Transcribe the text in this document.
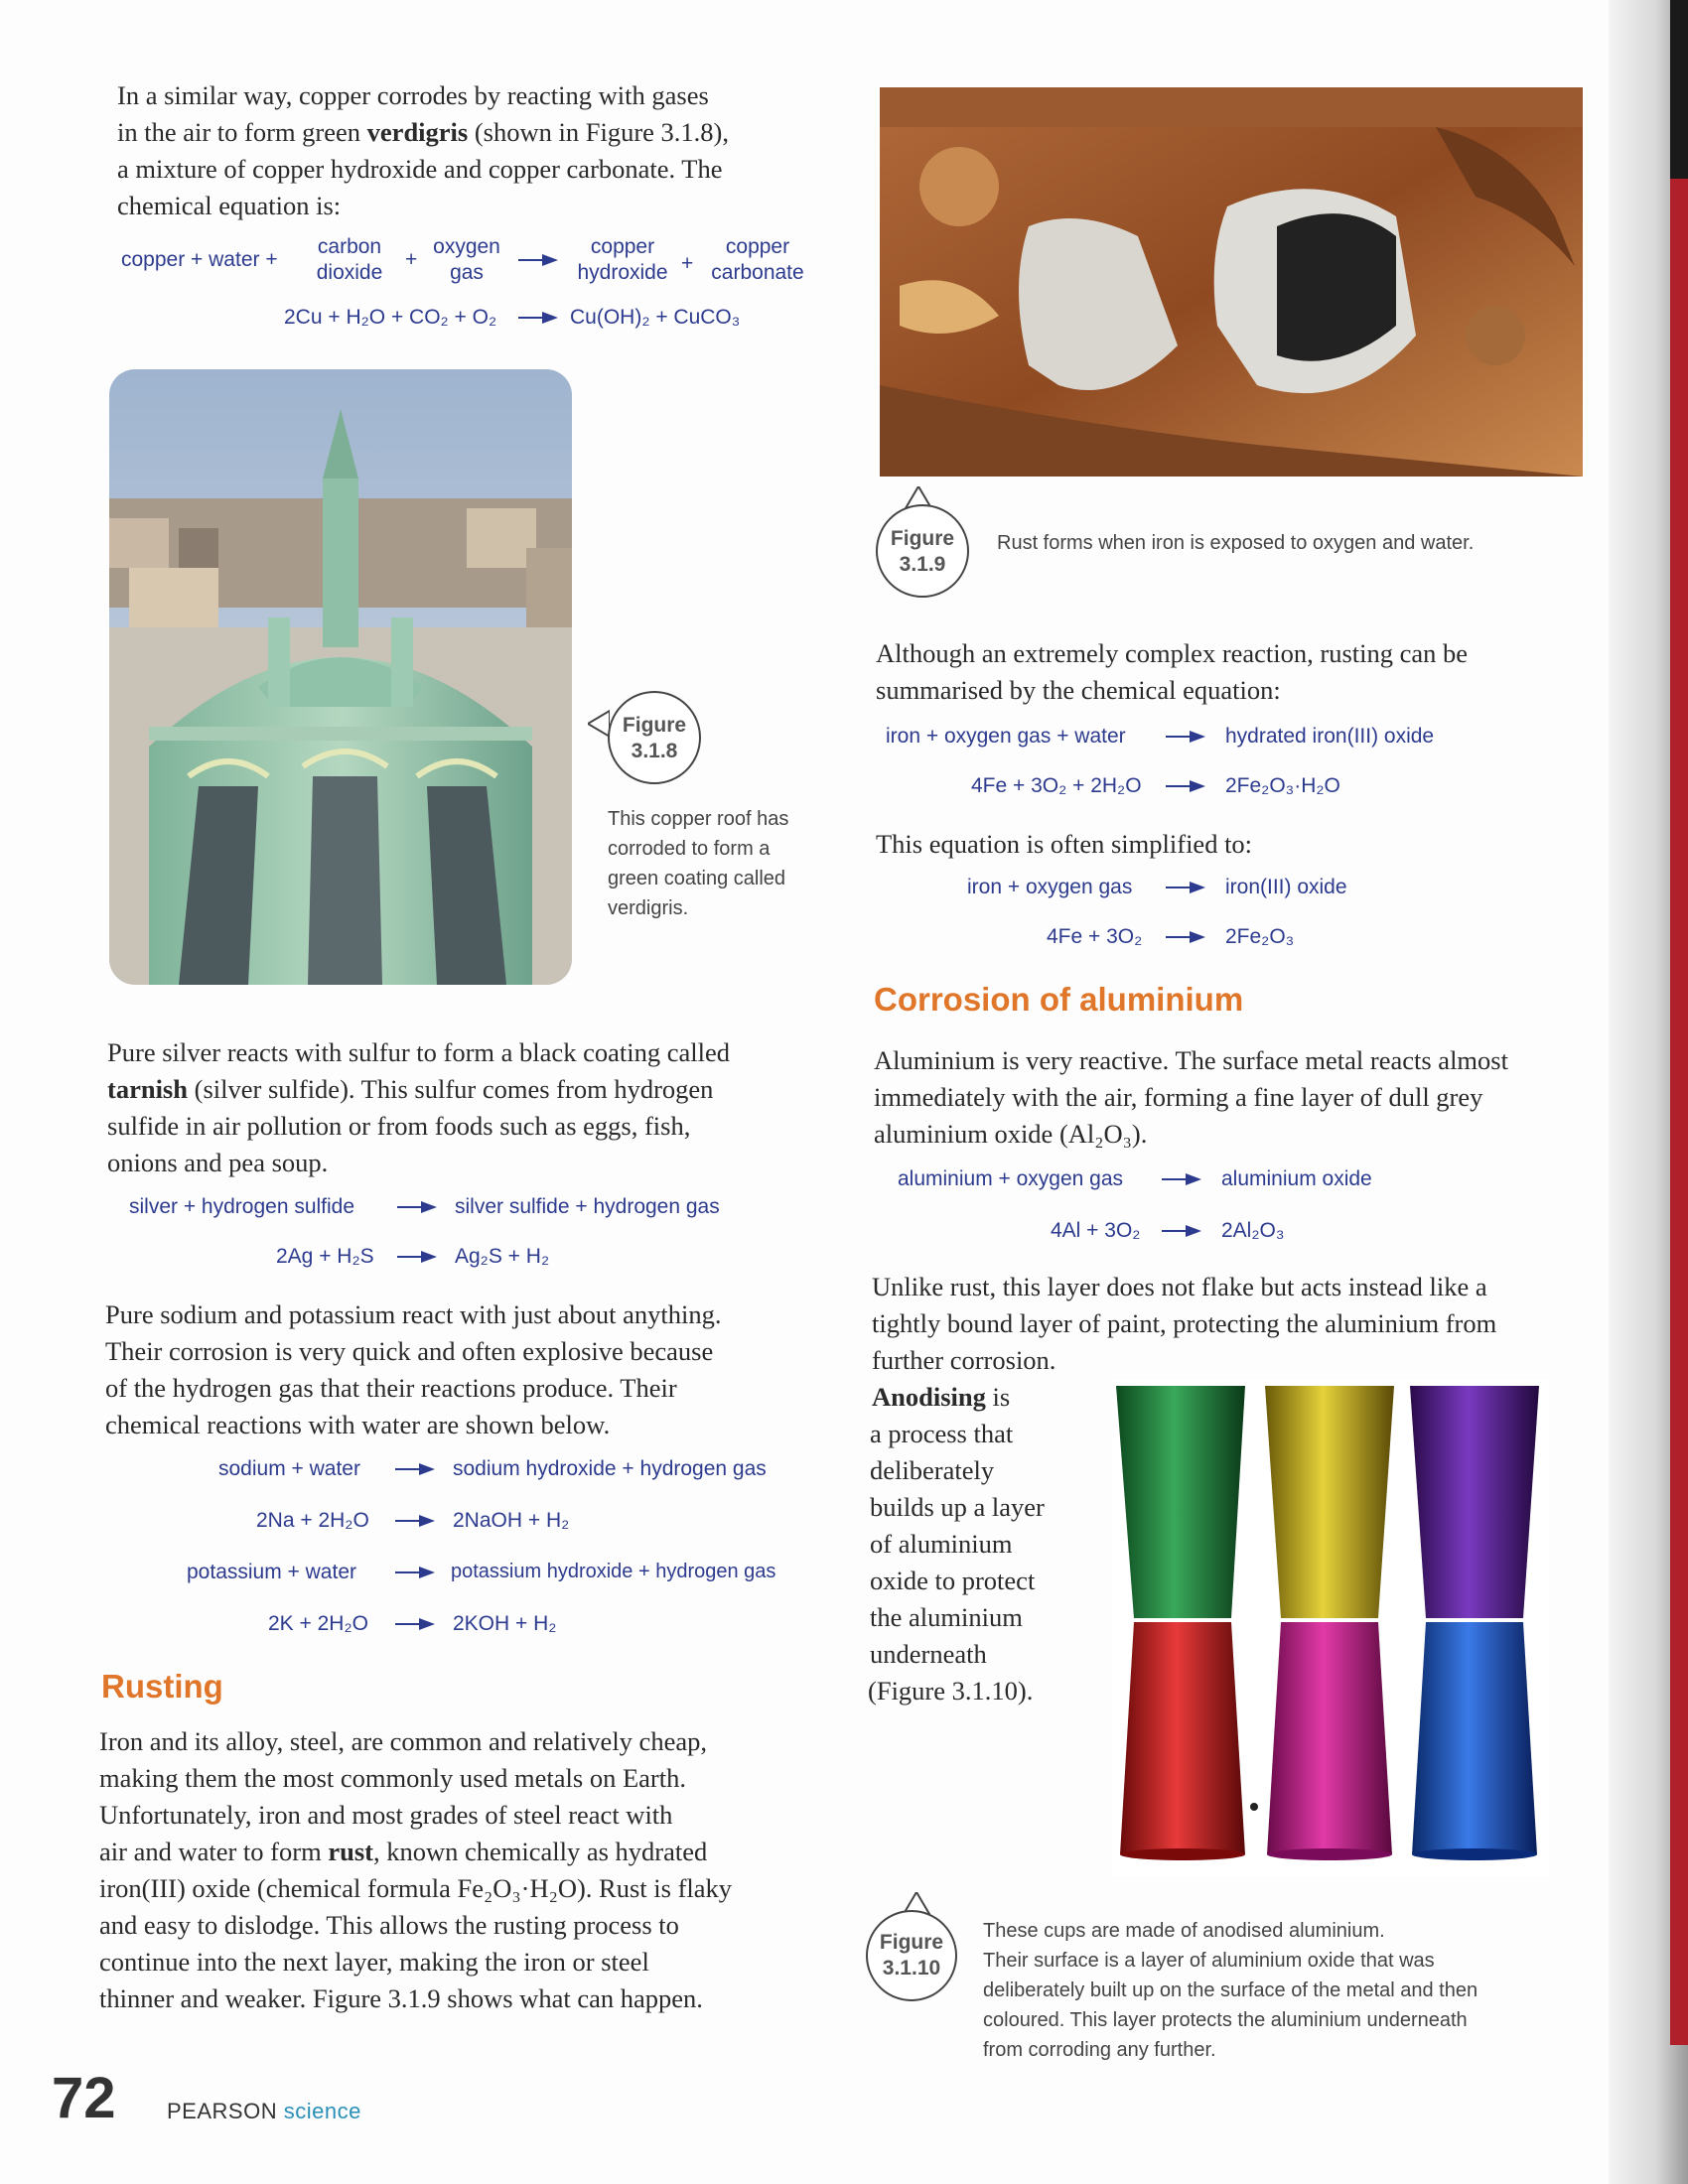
In a similar way, copper corrodes by reacting with gases

in the air to form green verdigris (shown in Figure 3.1.8),

a mixture of copper hydroxide and copper carbonate. The

chemical equation is:

copper + water +
carbon
dioxide
+
oxygen
gas
copper
hydroxide +
copper
carbonate
2Cu + H₂O + CO₂ + O₂ → Cu(OH)₂ + CuCO₃
Figure
3.1.8

This copper roof has corroded to form a green coating called verdigris.

Pure silver reacts with sulfur to form a black coating called

tarnish (silver sulfide). This sulfur comes from hydrogen

sulfide in air pollution or from foods such as eggs, fish,

onions and pea soup.

silver + hydrogen sulfide	→ silver sulfide + hydrogen gas
2Ag + H₂S → Ag₂S + H₂

Pure sodium and potassium react with just about anything.

Their corrosion is very quick and often explosive because

of the hydrogen gas that their reactions produce. Their

chemical reactions with water are shown below.

sodium + water → sodium hydroxide + hydrogen gas
2Na + 2H₂O → 2NaOH + H₂
potassium + water → potassium hydroxide + hydrogen gas
2K + 2H₂O → 2KOH + H₂
Rusting

Iron and its alloy, steel, are common and relatively cheap,

making them the most commonly used metals on Earth.

Unfortunately, iron and most grades of steel react with

air and water to form rust, known chemically as hydrated

iron(III) oxide (chemical formula Fe₂O₃·H₂O). Rust is flaky

and easy to dislodge. This allows the rusting process to

continue into the next layer, making the iron or steel

thinner and weaker. Figure 3.1.9 shows what can happen.

Figure
3.1.9

Rust forms when iron is exposed to oxygen and water.

Although an extremely complex reaction, rusting can be

summarised by the chemical equation:

iron + oxygen gas + water	→ hydrated iron(III) oxide
4Fe + 3O₂ + 2H₂O → 2Fe₂O₃·H₂O

This equation is often simplified to:

iron + oxygen gas → iron(III) oxide
4Fe + 3O₂ → 2Fe₂O₃
Corrosion of aluminium

Aluminium is very reactive. The surface metal reacts almost

immediately with the air, forming a fine layer of dull grey

aluminium oxide (Al₂O₃).

aluminium + oxygen gas → aluminium oxide
4Al + 3O₂ → 2Al₂O₃

Unlike rust, this layer does not flake but acts instead like a

tightly bound layer of paint, protecting the aluminium from

further corrosion.

Anodising is

a process that

deliberately

builds up a layer

of aluminium

oxide to protect

the aluminium

underneath

(Figure 3.1.10).

Figure
3.1.10

These cups are made of anodised aluminium.

Their surface is a layer of aluminium oxide that was

deliberately built up on the surface of the metal and then

coloured. This layer protects the aluminium underneath

from corroding any further.

72 PEARSON science
